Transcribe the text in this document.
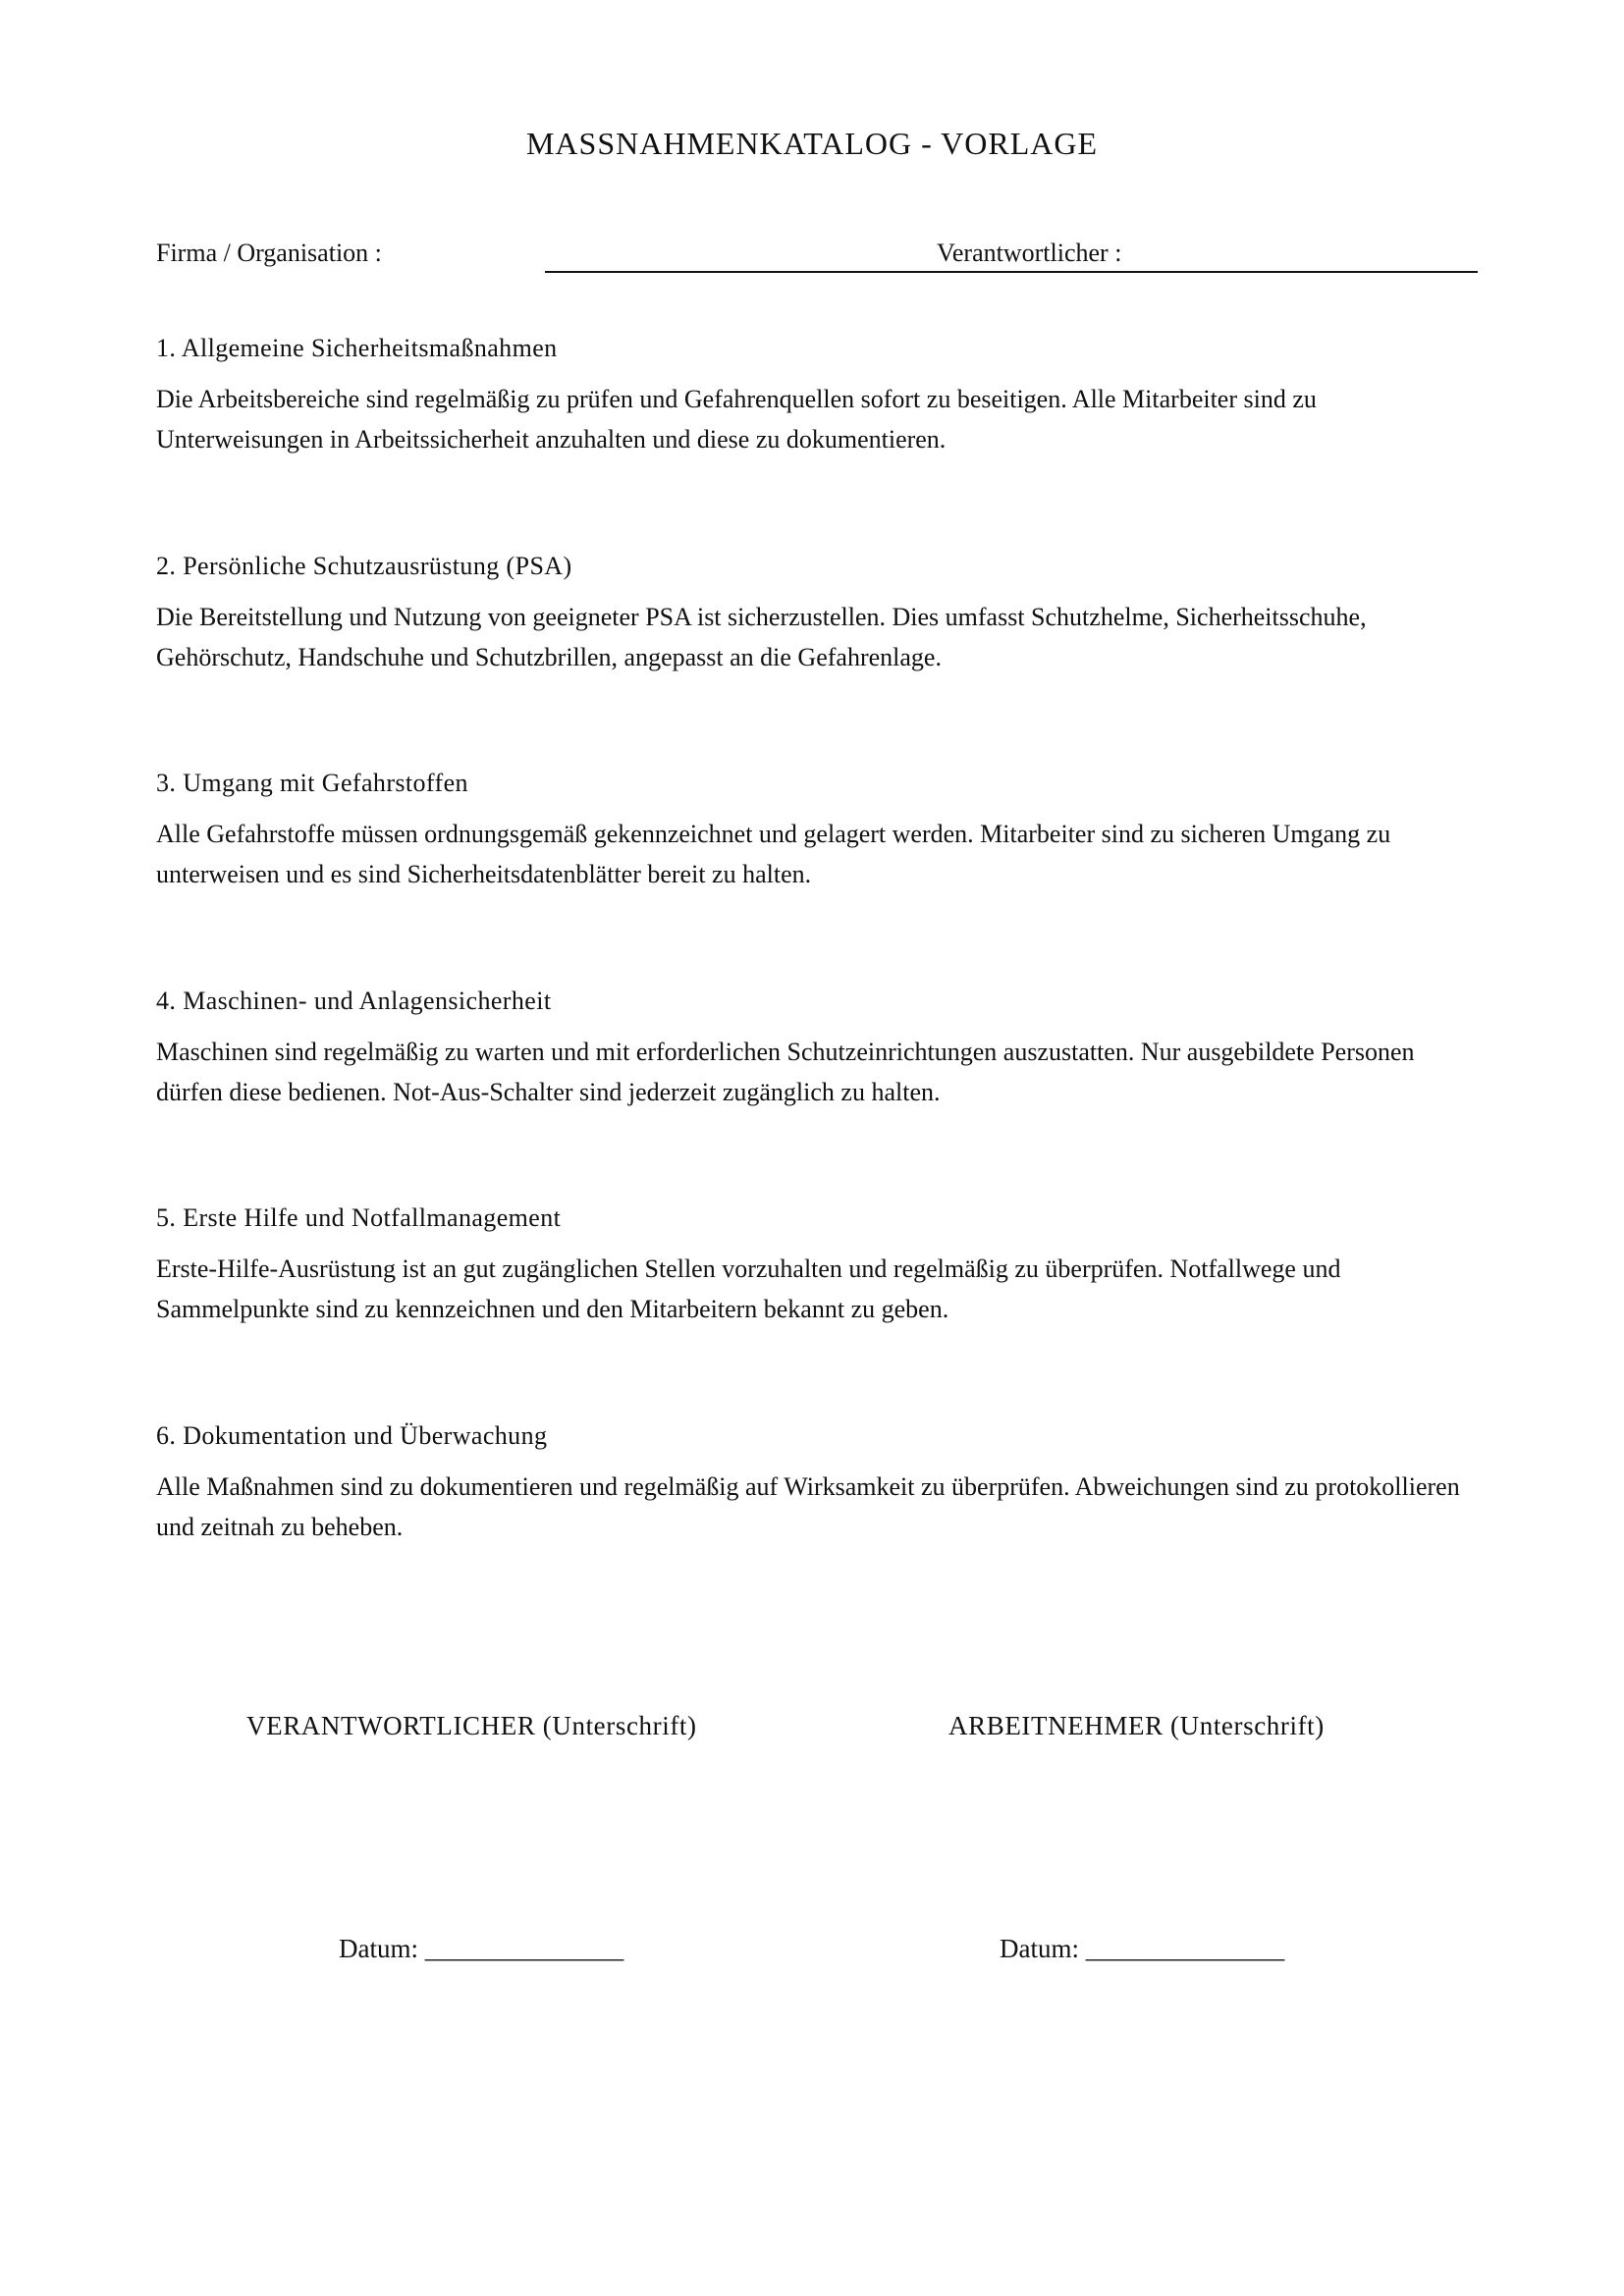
MASSNAHMENKATALOG - VORLAGE
Firma / Organisation :	Verantwortlicher :

1. Allgemeine Sicherheitsmaßnahmen

Die Arbeitsbereiche sind regelmäßig zu prüfen und Gefahrenquellen sofort zu beseitigen. Alle Mitarbeiter sind zu Unterweisungen in Arbeitssicherheit anzuhalten und diese zu dokumentieren.

2. Persönliche Schutzausrüstung (PSA)

Die Bereitstellung und Nutzung von geeigneter PSA ist sicherzustellen. Dies umfasst Schutzhelme, Sicherheitsschuhe, Gehörschutz, Handschuhe und Schutzbrillen, angepasst an die Gefahrenlage.

3. Umgang mit Gefahrstoffen

Alle Gefahrstoffe müssen ordnungsgemäß gekennzeichnet und gelagert werden. Mitarbeiter sind zu sicheren Umgang zu unterweisen und es sind Sicherheitsdatenblätter bereit zu halten.

4. Maschinen- und Anlagensicherheit

Maschinen sind regelmäßig zu warten und mit erforderlichen Schutzeinrichtungen auszustatten. Nur ausgebildete Personen dürfen diese bedienen. Not-Aus-Schalter sind jederzeit zugänglich zu halten.

5. Erste Hilfe und Notfallmanagement

Erste-Hilfe-Ausrüstung ist an gut zugänglichen Stellen vorzuhalten und regelmäßig zu überprüfen. Notfallwege und Sammelpunkte sind zu kennzeichnen und den Mitarbeitern bekannt zu geben.

6. Dokumentation und Überwachung

Alle Maßnahmen sind zu dokumentieren und regelmäßig auf Wirksamkeit zu überprüfen. Abweichungen sind zu protokollieren und zeitnah zu beheben.

VERANTWORTLICHER (Unterschrift)	ARBEITNEHMER (Unterschrift)
Datum: _______________	Datum: _______________
